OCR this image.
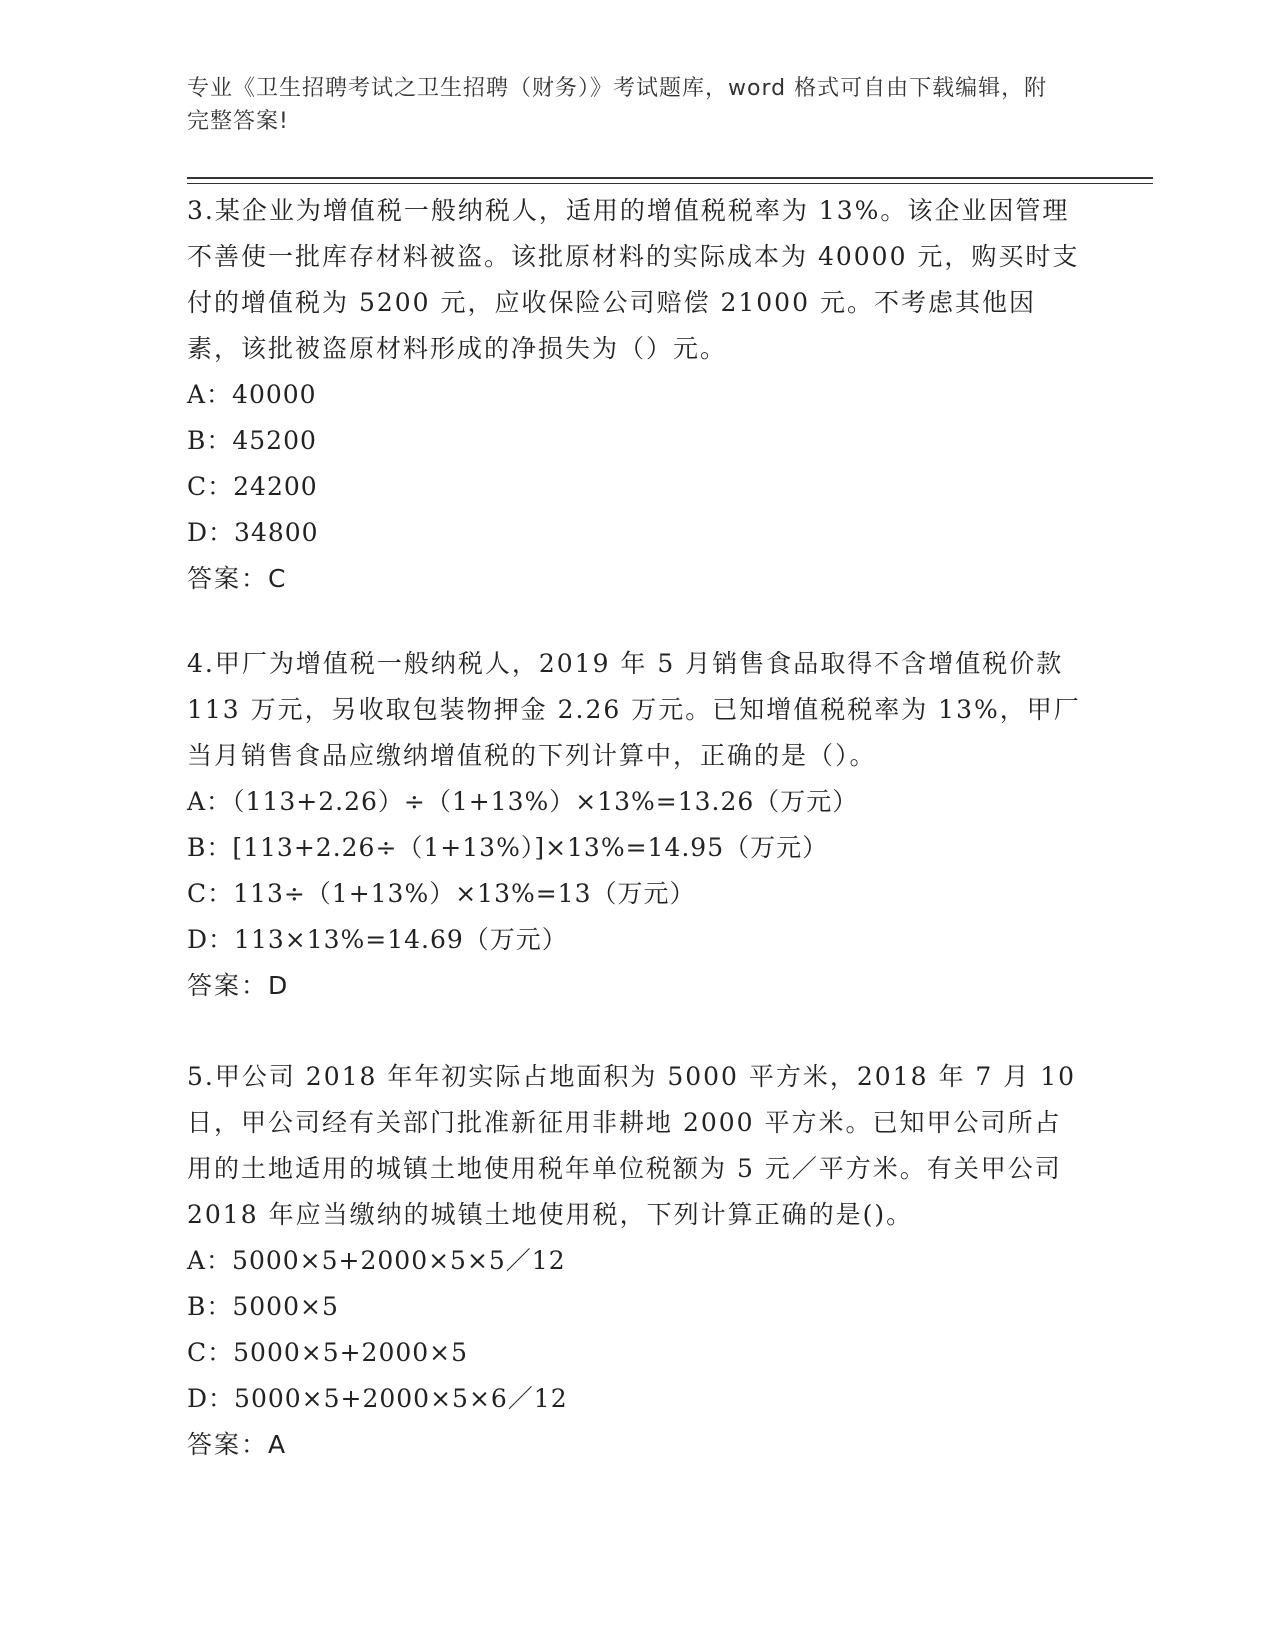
专业《卫生招聘考试之卫生招聘（财务）》考试题库，word 格式可自由下载编辑，附完整答案!

3.某企业为增值税一般纳税人，适用的增值税税率为 13%。该企业因管理不善使一批库存材料被盗。该批原材料的实际成本为 40000 元，购买时支付的增值税为 5200 元，应收保险公司赔偿 21000 元。不考虑其他因素，该批被盗原材料形成的净损失为（）元。

A：40000

B：45200

C：24200

D：34800

答案：C

4.甲厂为增值税一般纳税人，2019 年 5 月销售食品取得不含增值税价款 113 万元，另收取包装物押金 2.26 万元。已知增值税税率为 13%，甲厂当月销售食品应缴纳增值税的下列计算中，正确的是（）。

A：（113+2.26）÷（1+13%）×13%=13.26（万元）

B：[113+2.26÷（1+13%）]×13%=14.95（万元）

C：113÷（1+13%）×13%=13（万元）

D：113×13%=14.69（万元）

答案：D

5.甲公司 2018 年年初实际占地面积为 5000 平方米，2018 年 7 月 10 日，甲公司经有关部门批准新征用非耕地 2000 平方米。已知甲公司所占用的土地适用的城镇土地使用税年单位税额为 5 元／平方米。有关甲公司 2018 年应当缴纳的城镇土地使用税，下列计算正确的是()。

A：5000×5+2000×5×5／12

B：5000×5

C：5000×5+2000×5

D：5000×5+2000×5×6／12

答案：A
